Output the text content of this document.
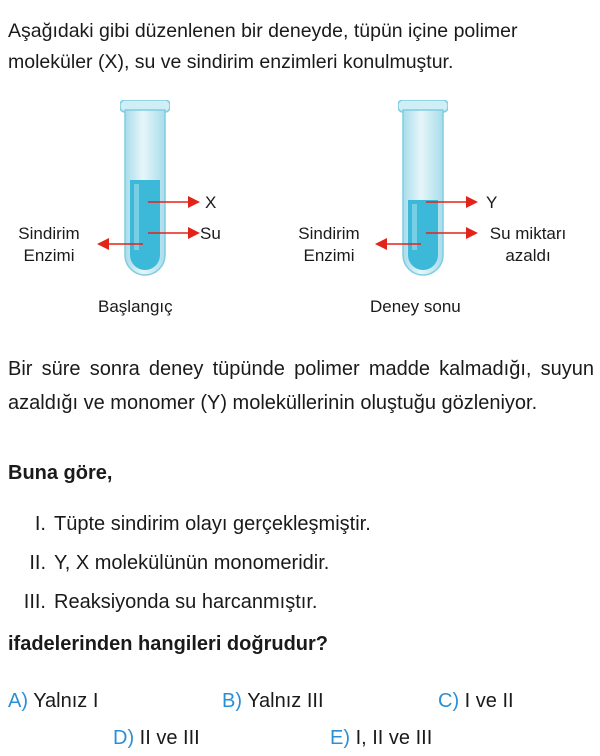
Aşağıdaki gibi düzenlenen bir deneyde, tüpün içine polimer moleküler (X), su ve sindirim enzimleri konulmuştur.
X
Su
Sindirim
Enzimi
Başlangıç
Y
Su miktarı
azaldı
Sindirim
Enzimi
Deney sonu
Bir süre sonra deney tüpünde polimer madde kalmadığı, suyun azaldığı ve monomer (Y) moleküllerinin oluştuğu gözleniyor.
Buna göre,
I. Tüpte sindirim olayı gerçekleşmiştir.
II. Y, X molekülünün monomeridir.
III. Reaksiyonda su harcanmıştır.
ifadelerinden hangileri doğrudur?
A) Yalnız I	B) Yalnız III	C) I ve II
D) II ve III	E) I, II ve III
